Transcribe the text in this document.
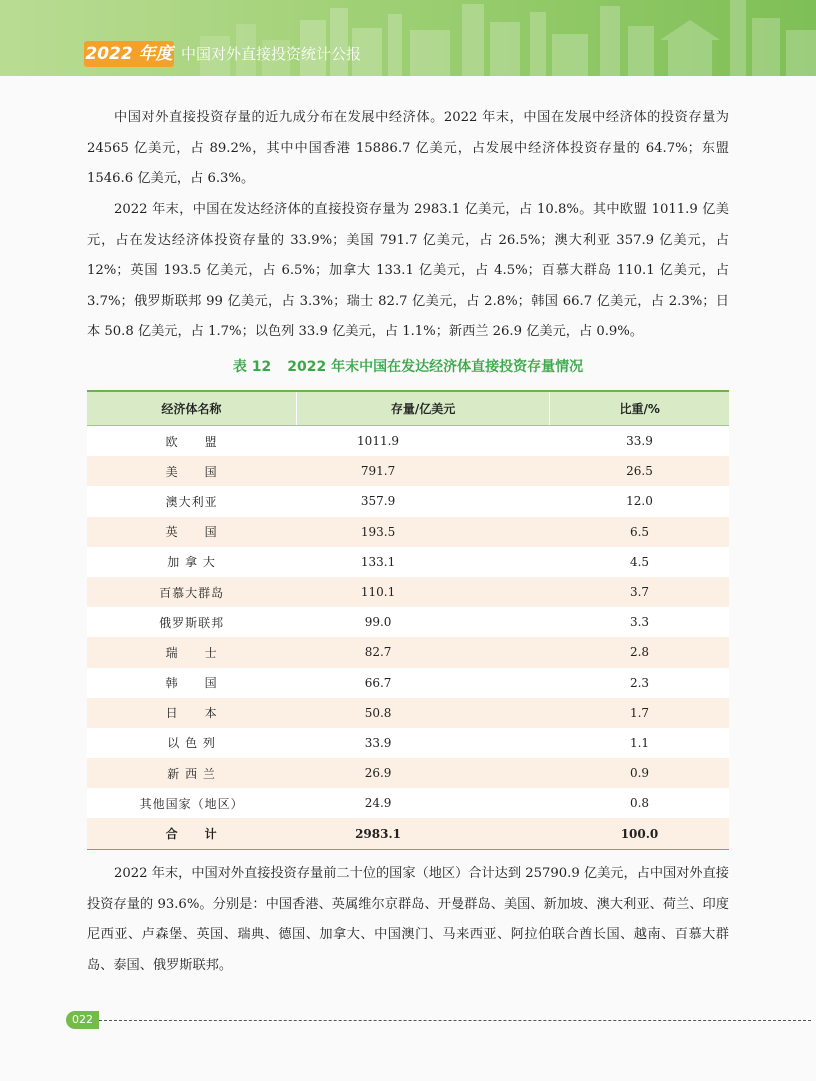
2022 年度 中国对外直接投资统计公报

中国对外直接投资存量的近九成分布在发展中经济体。2022 年末，中国在发展中经济体的投资存量为 24565 亿美元，占 89.2%，其中中国香港 15886.7 亿美元，占发展中经济体投资存量的 64.7%；东盟 1546.6 亿美元，占 6.3%。

2022 年末，中国在发达经济体的直接投资存量为 2983.1 亿美元，占 10.8%。其中欧盟 1011.9 亿美元，占在发达经济体投资存量的 33.9%；美国 791.7 亿美元，占 26.5%；澳大利亚 357.9 亿美元，占 12%；英国 193.5 亿美元，占 6.5%；加拿大 133.1 亿美元，占 4.5%；百慕大群岛 110.1 亿美元，占 3.7%；俄罗斯联邦 99 亿美元，占 3.3%；瑞士 82.7 亿美元，占 2.8%；韩国 66.7 亿美元，占 2.3%；日本 50.8 亿美元，占 1.7%；以色列 33.9 亿美元，占 1.1%；新西兰 26.9 亿美元，占 0.9%。

表 12 2022 年末中国在发达经济体直接投资存量情况
经济体名称	存量/亿美元	比重/%
欧　　盟	1011.9	33.9
美　　国	791.7	26.5
澳大利亚	357.9	12.0
英　　国	193.5	6.5
加 拿 大	133.1	4.5
百慕大群岛	110.1	3.7
俄罗斯联邦	99.0	3.3
瑞　　士	82.7	2.8
韩　　国	66.7	2.3
日　　本	50.8	1.7
以 色 列	33.9	1.1
新 西 兰	26.9	0.9
其他国家（地区）	24.9	0.8
合　　计	2983.1	100.0

2022 年末，中国对外直接投资存量前二十位的国家（地区）合计达到 25790.9 亿美元，占中国对外直接投资存量的 93.6%。分别是：中国香港、英属维尔京群岛、开曼群岛、美国、新加坡、澳大利亚、荷兰、印度尼西亚、卢森堡、英国、瑞典、德国、加拿大、中国澳门、马来西亚、阿拉伯联合酋长国、越南、百慕大群岛、泰国、俄罗斯联邦。

022
